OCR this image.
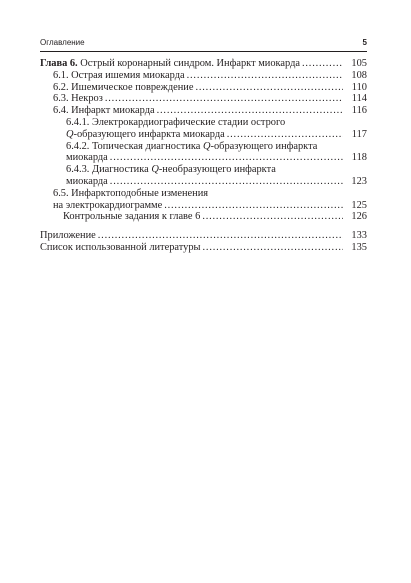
Оглавление	5
Глава 6. Острый коронарный синдром. Инфаркт миокарда . . .	105
6.1. Острая ишемия миокарда . . .	108
6.2. Ишемическое повреждение . . .	110
6.3. Некроз . . .	114
6.4. Инфаркт миокарда . . .	116
6.4.1. Электрокардиографические стадии острого
Q-образующего инфаркта миокарда . . .	117
6.4.2. Топическая диагностика Q-образующего инфаркта
миокарда . . .	118
6.4.3. Диагностика Q-необразующего инфаркта
миокарда . . .	123
6.5. Инфарктоподобные изменения
на электрокардиограмме . . .	125
Контрольные задания к главе 6 . . .	126
Приложение . . .	133
Список использованной литературы . . .	135
